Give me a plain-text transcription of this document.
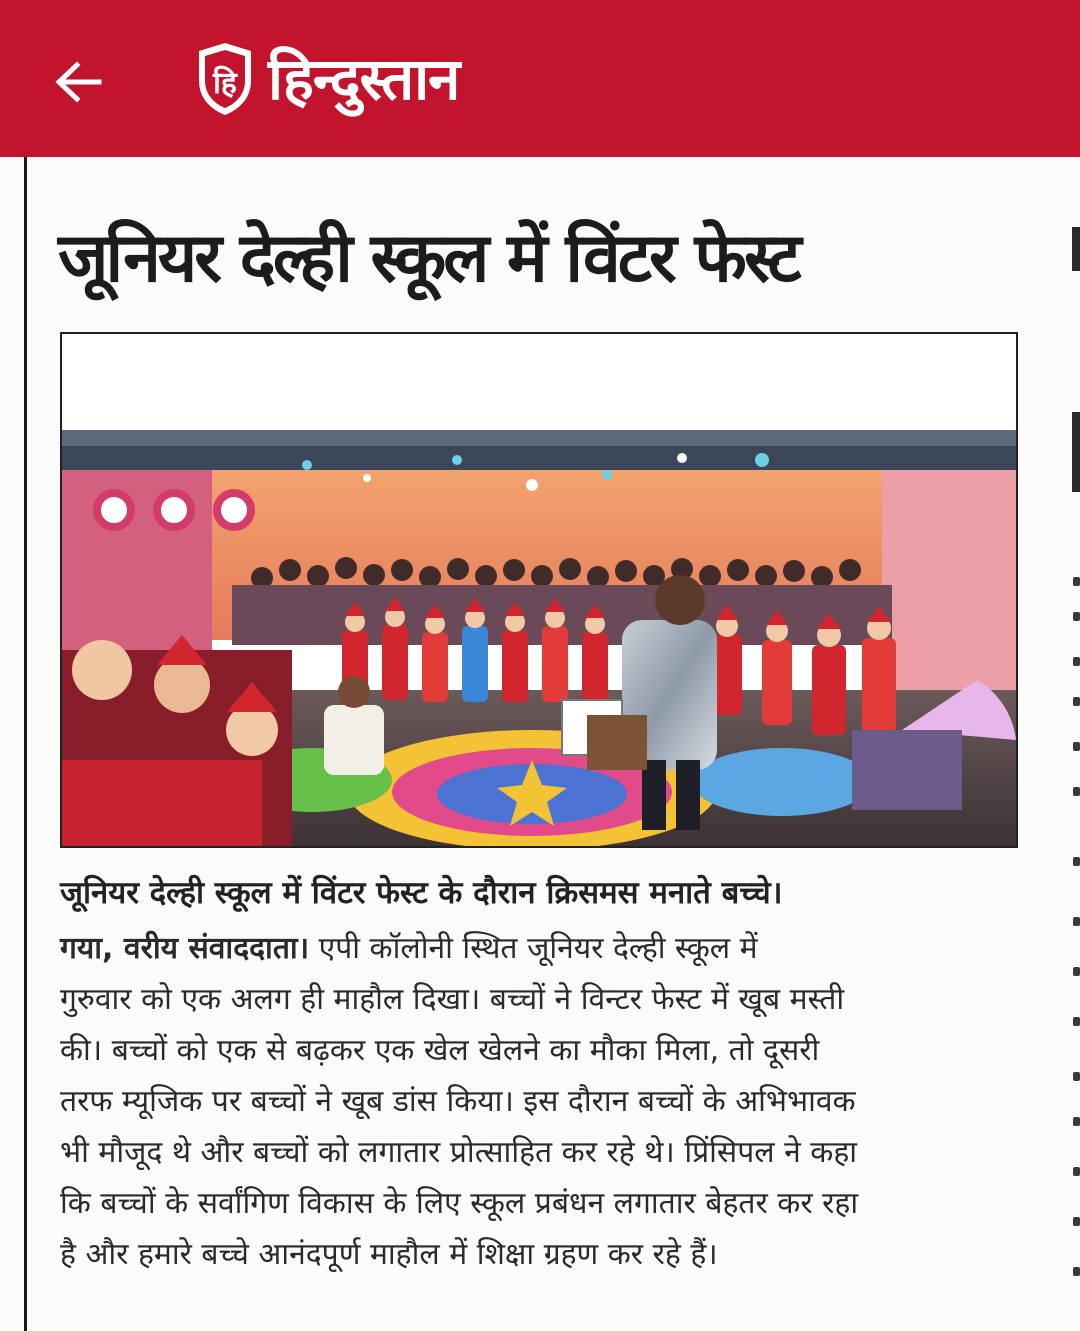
हि हिन्दुस्तान
जूनियर देल्ही स्कूल में विंटर फेस्ट

जूनियर देल्ही स्कूल में विंटर फेस्ट के दौरान क्रिसमस मनाते बच्चे।

गया, वरीय संवाददाता। एपी कॉलोनी स्थित जूनियर देल्ही स्कूल में
गुरुवार को एक अलग ही माहौल दिखा। बच्चों ने विन्टर फेस्ट में खूब मस्ती
की। बच्चों को एक से बढ़कर एक खेल खेलने का मौका मिला, तो दूसरी
तरफ म्यूजिक पर बच्चों ने खूब डांस किया। इस दौरान बच्चों के अभिभावक
भी मौजूद थे और बच्चों को लगातार प्रोत्साहित कर रहे थे। प्रिंसिपल ने कहा
कि बच्चों के सर्वांगिण विकास के लिए स्कूल प्रबंधन लगातार बेहतर कर रहा
है और हमारे बच्चे आनंदपूर्ण माहौल में शिक्षा ग्रहण कर रहे हैं।
